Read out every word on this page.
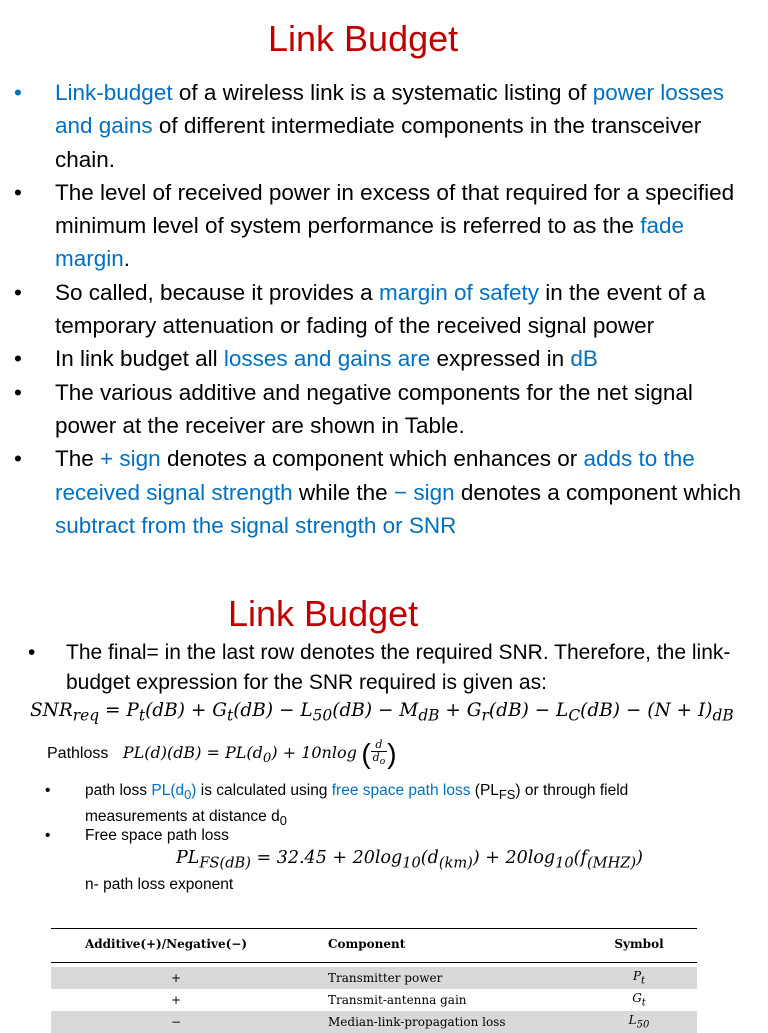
Link Budget
• Link-budget of a wireless link is a systematic listing of power losses and gains of different intermediate components in the transceiver chain.
• The level of received power in excess of that required for a specified minimum level of system performance is referred to as the fade margin.
• So called, because it provides a margin of safety in the event of a temporary attenuation or fading of the received signal power
• In link budget all losses and gains are expressed in dB
• The various additive and negative components for the net signal power at the receiver are shown in Table.
• The + sign denotes a component which enhances or adds to the received signal strength while the − sign denotes a component which subtract from the signal strength or SNR
Link Budget
• The final= in the last row denotes the required SNR. Therefore, the link-budget expression for the SNR required is given as:
$SNR_{req} = P_t(dB) + G_t(dB) - L_{50}(dB) - M_{dB} + G_r(dB) - L_C(dB) - (N + I)_{dB}$
Pathloss $PL(d)(dB) = PL(d_0) + 10nlog$ ( $\frac{d}{d_o}$ )
• path loss $PL(d_0)$ is calculated using free space path loss $(PL_{FS})$ or through field measurements at distance $d_0$
• Free space path loss
$PL_{FS(dB)} = 32.45 + 20\log_{10}(d_{(km)}) + 20\log_{10}(f_{(MHZ)})$
n- path loss exponent
Additive(+)/Negative(−)	Component	Symbol
+	Transmitter power	$P_t$
+	Transmit-antenna gain	$G_t$
−	Median-link-propagation loss	$L_{50}$
